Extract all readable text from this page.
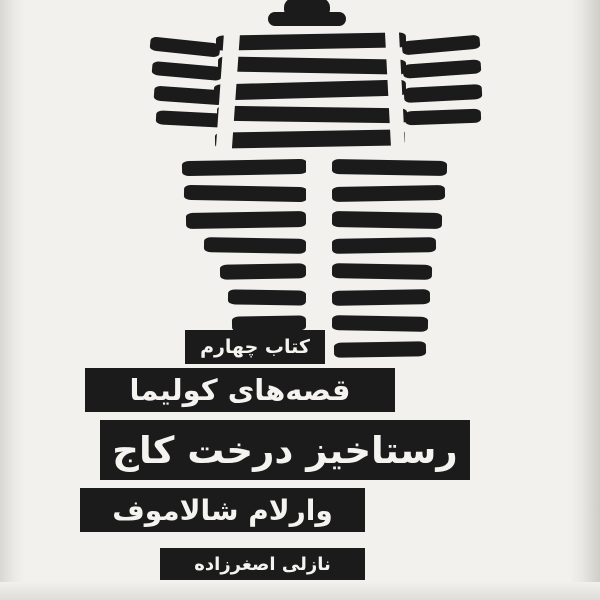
کتاب چهارم
قصه‌های کولیما
رستاخیز درخت کاج
وارلام شالاموف
نازلی اصغرزاده
